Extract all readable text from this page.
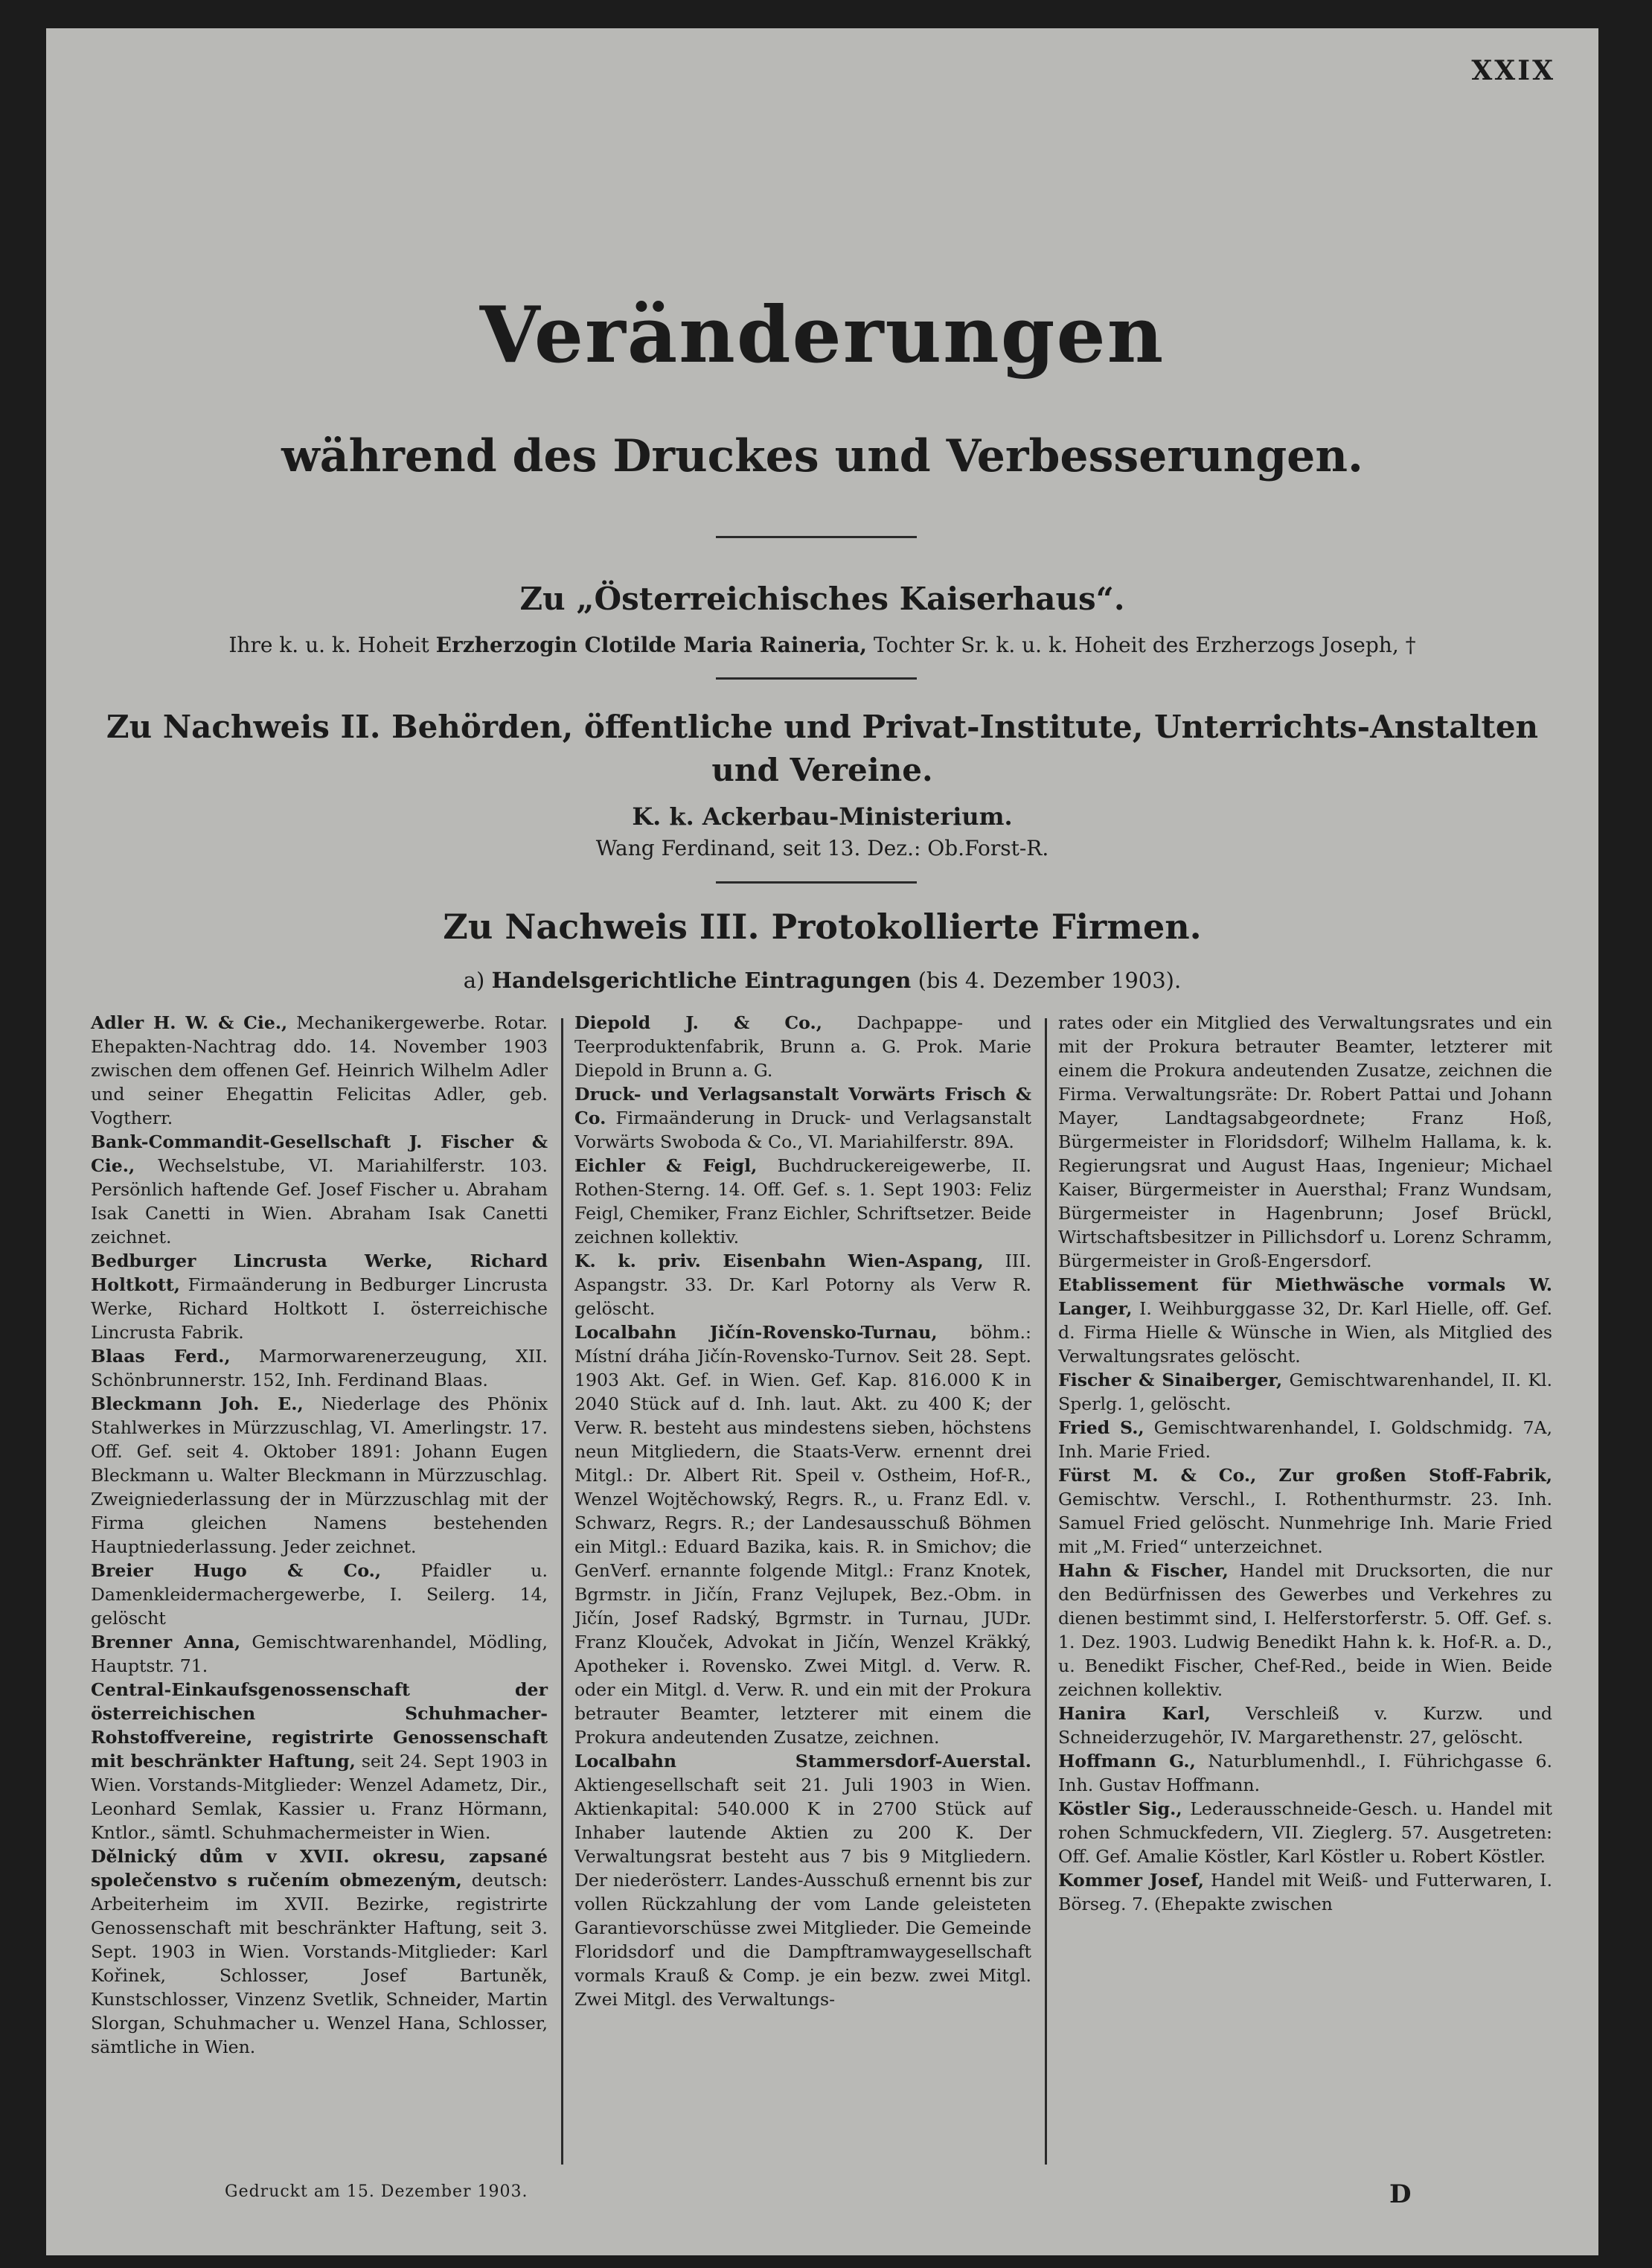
XXIX
Veränderungen
während des Druckes und Verbesserungen.
Zu „Österreichisches Kaiserhaus“.
Ihre k. u. k. Hoheit Erzherzogin Clotilde Maria Raineria, Tochter Sr. k. u. k. Hoheit des Erzherzogs Joseph, †
Zu Nachweis II. Behörden, öffentliche und Privat-Institute, Unterrichts-Anstalten und Vereine.
K. k. Ackerbau-Ministerium.
Wang Ferdinand, seit 13. Dez.: Ob.Forst-R.
Zu Nachweis III. Protokollierte Firmen.
a) Handelsgerichtliche Eintragungen (bis 4. Dezember 1903).

Adler H. W. & Cie., Mechanikergewerbe. Rotar. Ehepakten-Nachtrag ddo. 14. November 1903 zwischen dem offenen Gef. Heinrich Wilhelm Adler und seiner Ehegattin Felicitas Adler, geb. Vogtherr.

Bank-Commandit-Gesellschaft J. Fischer & Cie., Wechselstube, VI. Mariahilferstr. 103. Persönlich haftende Gef. Josef Fischer u. Abraham Isak Canetti in Wien. Abraham Isak Canetti zeichnet.

Bedburger Lincrusta Werke, Richard Holtkott, Firmaänderung in Bedburger Lincrusta Werke, Richard Holtkott I. österreichische Lincrusta Fabrik.

Blaas Ferd., Marmorwarenerzeugung, XII. Schönbrunnerstr. 152, Inh. Ferdinand Blaas.

Bleckmann Joh. E., Niederlage des Phönix Stahlwerkes in Mürzzuschlag, VI. Amerlingstr. 17. Off. Gef. seit 4. Oktober 1891: Johann Eugen Bleckmann u. Walter Bleckmann in Mürzzuschlag. Zweigniederlassung der in Mürzzuschlag mit der Firma gleichen Namens bestehenden Hauptniederlassung. Jeder zeichnet.

Breier Hugo & Co., Pfaidler u. Damenkleidermachergewerbe, I. Seilerg. 14, gelöscht

Brenner Anna, Gemischtwarenhandel, Mödling, Hauptstr. 71.

Central-Einkaufsgenossenschaft der österreichischen Schuhmacher-Rohstoffvereine, registrirte Genossenschaft mit beschränkter Haftung, seit 24. Sept 1903 in Wien. Vorstands-Mitglieder: Wenzel Adametz, Dir., Leonhard Semlak, Kassier u. Franz Hörmann, Kntlor., sämtl. Schuhmachermeister in Wien.

Dělnický dům v XVII. okresu, zapsané společenstvo s ručením obmezeným, deutsch: Arbeiterheim im XVII. Bezirke, registrirte Genossenschaft mit beschränkter Haftung, seit 3. Sept. 1903 in Wien. Vorstands-Mitglieder: Karl Kořinek, Schlosser, Josef Bartuněk, Kunstschlosser, Vinzenz Svetlik, Schneider, Martin Slorgan, Schuhmacher u. Wenzel Hana, Schlosser, sämtliche in Wien.

Diepold J. & Co., Dachpappe- und Teerproduktenfabrik, Brunn a. G. Prok. Marie Diepold in Brunn a. G.

Druck- und Verlagsanstalt Vorwärts Frisch & Co. Firmaänderung in Druck- und Verlagsanstalt Vorwärts Swoboda & Co., VI. Mariahilferstr. 89A.

Eichler & Feigl, Buchdruckereigewerbe, II. Rothen-Sterng. 14. Off. Gef. s. 1. Sept 1903: Feliz Feigl, Chemiker, Franz Eichler, Schriftsetzer. Beide zeichnen kollektiv.

K. k. priv. Eisenbahn Wien-Aspang, III. Aspangstr. 33. Dr. Karl Potorny als Verw R. gelöscht.

Localbahn Jičín-Rovensko-Turnau, böhm.: Místní dráha Jičín-Rovensko-Turnov. Seit 28. Sept. 1903 Akt. Gef. in Wien. Gef. Kap. 816.000 K in 2040 Stück auf d. Inh. laut. Akt. zu 400 K; der Verw. R. besteht aus mindestens sieben, höchstens neun Mitgliedern, die Staats-Verw. ernennt drei Mitgl.: Dr. Albert Rit. Speil v. Ostheim, Hof-R., Wenzel Wojtěchowský, Regrs. R., u. Franz Edl. v. Schwarz, Regrs. R.; der Landesausschuß Böhmen ein Mitgl.: Eduard Bazika, kais. R. in Smichov; die GenVerf. ernannte folgende Mitgl.: Franz Knotek, Bgrmstr. in Jičín, Franz Vejlupek, Bez.-Obm. in Jičín, Josef Radský, Bgrmstr. in Turnau, JUDr. Franz Klouček, Advokat in Jičín, Wenzel Kräkký, Apotheker i. Rovensko. Zwei Mitgl. d. Verw. R. oder ein Mitgl. d. Verw. R. und ein mit der Prokura betrauter Beamter, letzterer mit einem die Prokura andeutenden Zusatze, zeichnen.

Localbahn Stammersdorf-Auerstal. Aktiengesellschaft seit 21. Juli 1903 in Wien. Aktienkapital: 540.000 K in 2700 Stück auf Inhaber lautende Aktien zu 200 K. Der Verwaltungsrat besteht aus 7 bis 9 Mitgliedern. Der niederösterr. Landes-Ausschuß ernennt bis zur vollen Rückzahlung der vom Lande geleisteten Garantievorschüsse zwei Mitglieder. Die Gemeinde Floridsdorf und die Dampftramwaygesellschaft vormals Krauß & Comp. je ein bezw. zwei Mitgl. Zwei Mitgl. des Verwaltungs-

rates oder ein Mitglied des Verwaltungsrates und ein mit der Prokura betrauter Beamter, letzterer mit einem die Prokura andeutenden Zusatze, zeichnen die Firma. Verwaltungsräte: Dr. Robert Pattai und Johann Mayer, Landtagsabgeordnete; Franz Hoß, Bürgermeister in Floridsdorf; Wilhelm Hallama, k. k. Regierungsrat und August Haas, Ingenieur; Michael Kaiser, Bürgermeister in Auersthal; Franz Wundsam, Bürgermeister in Hagenbrunn; Josef Brückl, Wirtschaftsbesitzer in Pillichsdorf u. Lorenz Schramm, Bürgermeister in Groß-Engersdorf.

Etablissement für Miethwäsche vormals W. Langer, I. Weihburggasse 32, Dr. Karl Hielle, off. Gef. d. Firma Hielle & Wünsche in Wien, als Mitglied des Verwaltungsrates gelöscht.

Fischer & Sinaiberger, Gemischtwarenhandel, II. Kl. Sperlg. 1, gelöscht.

Fried S., Gemischtwarenhandel, I. Goldschmidg. 7A, Inh. Marie Fried.

Fürst M. & Co., Zur großen Stoff-Fabrik, Gemischtw. Verschl., I. Rothenthurmstr. 23. Inh. Samuel Fried gelöscht. Nunmehrige Inh. Marie Fried mit „M. Fried“ unterzeichnet.

Hahn & Fischer, Handel mit Drucksorten, die nur den Bedürfnissen des Gewerbes und Verkehres zu dienen bestimmt sind, I. Helferstorferstr. 5. Off. Gef. s. 1. Dez. 1903. Ludwig Benedikt Hahn k. k. Hof-R. a. D., u. Benedikt Fischer, Chef-Red., beide in Wien. Beide zeichnen kollektiv.

Hanira Karl, Verschleiß v. Kurzw. und Schneiderzugehör, IV. Margarethenstr. 27, gelöscht.

Hoffmann G., Naturblumenhdl., I. Führichgasse 6. Inh. Gustav Hoffmann.

Köstler Sig., Lederausschneide-Gesch. u. Handel mit rohen Schmuckfedern, VII. Zieglerg. 57. Ausgetreten: Off. Gef. Amalie Köstler, Karl Köstler u. Robert Köstler.

Kommer Josef, Handel mit Weiß- und Futterwaren, I. Börseg. 7. (Ehepakte zwischen

Gedruckt am 15. Dezember 1903.	D
